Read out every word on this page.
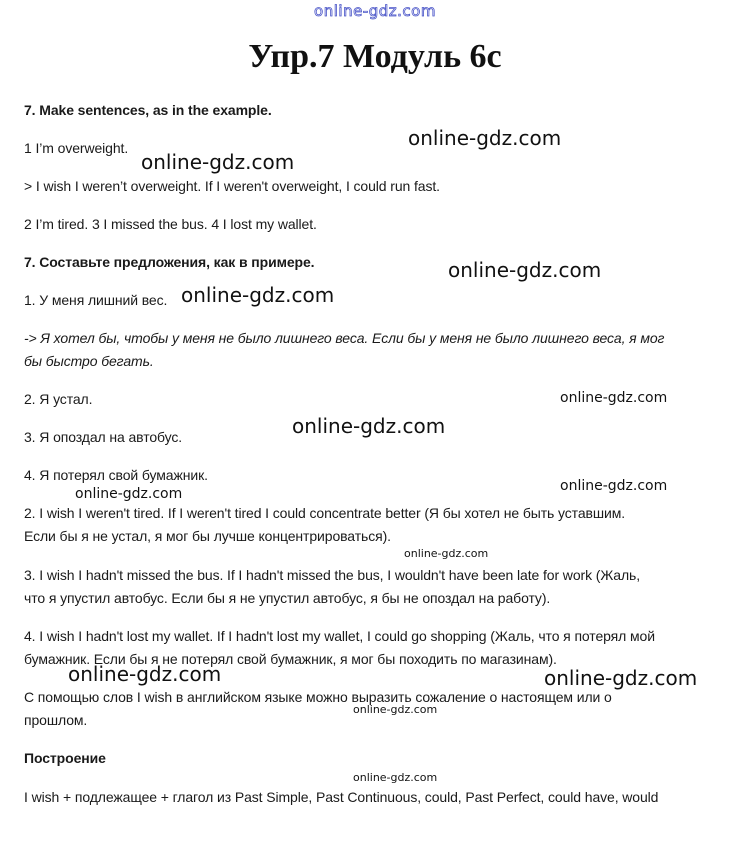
online-gdz.com
Упр.7 Модуль 6с
7. Make sentences, as in the example.
1 I’m overweight.
> I wish I weren’t overweight. If I weren't overweight, I could run fast.
2 I’m tired. 3 I missed the bus. 4 I lost my wallet.
7. Составьте предложения, как в примере.
1. У меня лишний вес.
-> Я хотел бы, чтобы у меня не было лишнего веса. Если бы у меня не было лишнего веса, я мог
бы быстро бегать.
2. Я устал.
3. Я опоздал на автобус.
4. Я потерял свой бумажник.
2. I wish I weren't tired. If I weren't tired I could concentrate better (Я бы хотел не быть уставшим.
Если бы я не устал, я мог бы лучше концентрироваться).
3. I wish I hadn't missed the bus. If I hadn't missed the bus, I wouldn't have been late for work (Жаль,
что я упустил автобус. Если бы я не упустил автобус, я бы не опоздал на работу).
4. I wish I hadn't lost my wallet. If I hadn't lost my wallet, I could go shopping (Жаль, что я потерял мой
бумажник. Если бы я не потерял свой бумажник, я мог бы походить по магазинам).
С помощью слов I wish в английском языке можно выразить сожаление о настоящем или о
прошлом.
Построение
I wish + подлежащее + глагол из Past Simple, Past Continuous, could, Past Perfect, could have, would
online-gdz.com
online-gdz.com
online-gdz.com
online-gdz.com
online-gdz.com
online-gdz.com
online-gdz.com
online-gdz.com
online-gdz.com
online-gdz.com	online-gdz.com
online-gdz.com
online-gdz.com
